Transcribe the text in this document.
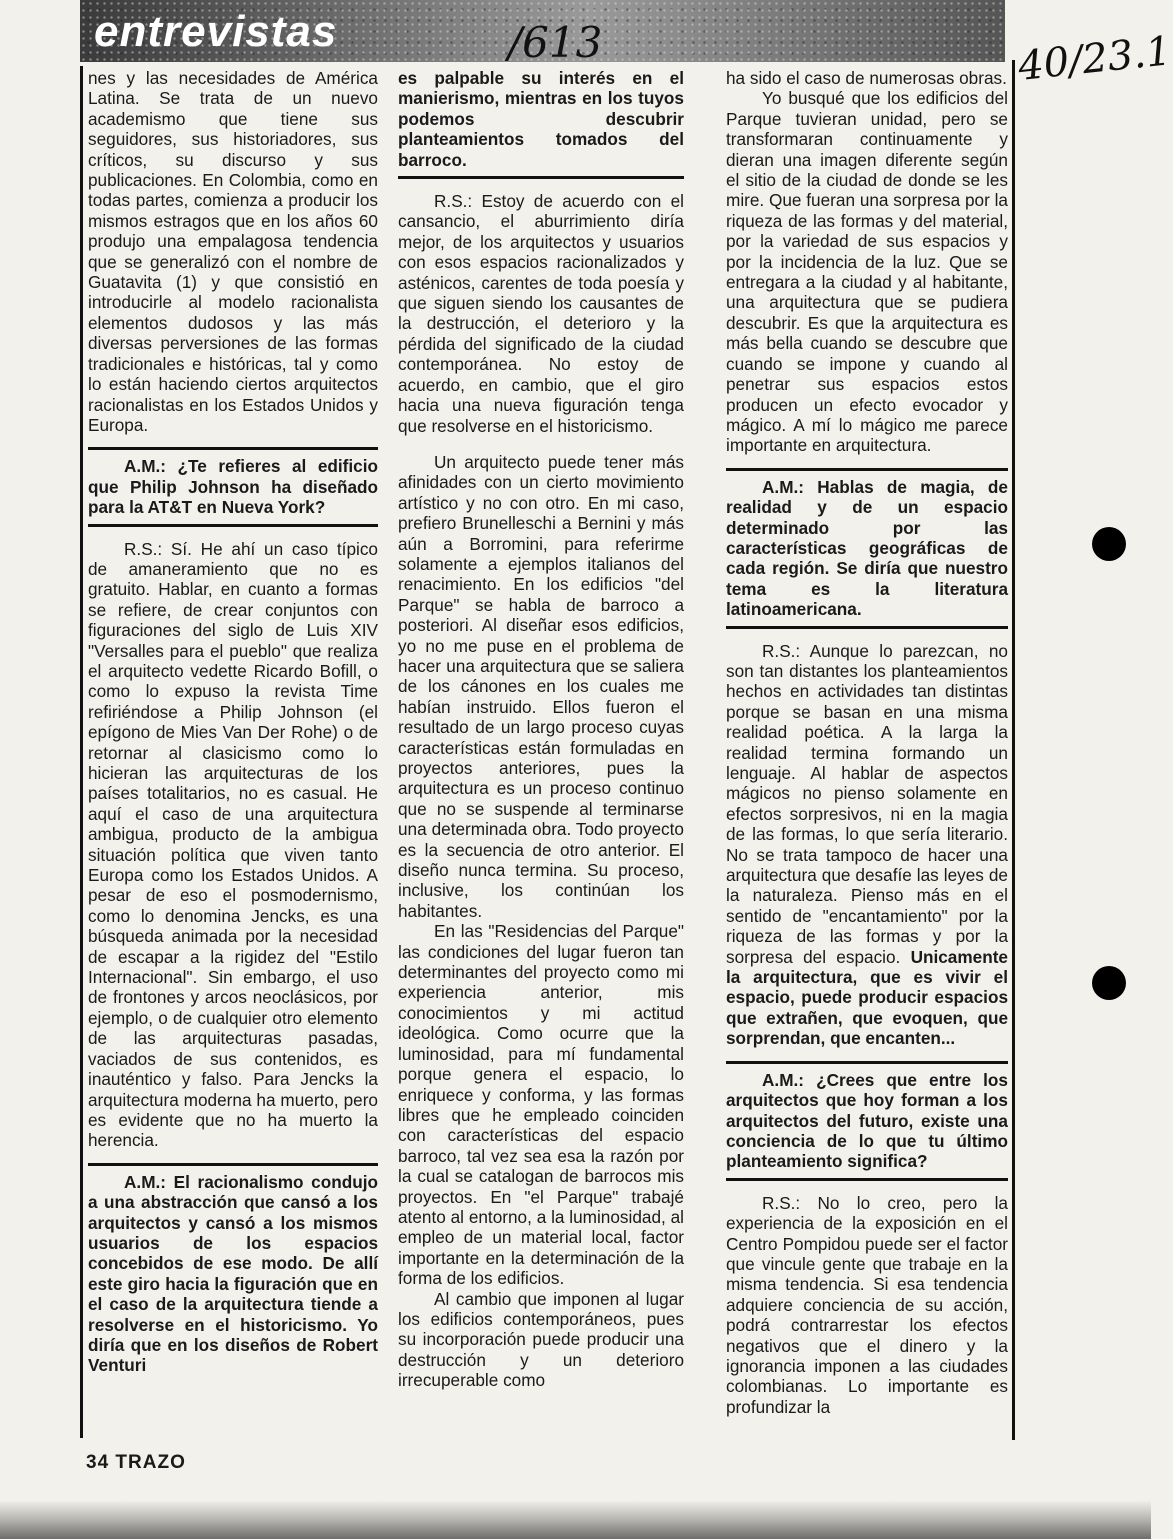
entrevistas	/613	40/23.1

nes y las necesidades de América Latina. Se trata de un nuevo academismo que tiene sus seguidores, sus historiadores, sus críticos, su discurso y sus publicaciones. En Colombia, como en todas partes, comienza a producir los mismos estragos que en los años 60 produjo una empalagosa tendencia que se generalizó con el nombre de Guatavita (1) y que consistió en introducirle al modelo racionalista elementos dudosos y las más diversas perversiones de las formas tradicionales e históricas, tal y como lo están haciendo ciertos arquitectos racionalistas en los Estados Unidos y Europa.

A.M.: ¿Te refieres al edificio que Philip Johnson ha diseñado para la AT&T en Nueva York?

R.S.: Sí. He ahí un caso típico de amaneramiento que no es gratuito. Hablar, en cuanto a formas se refiere, de crear conjuntos con figuraciones del siglo de Luis XIV "Versalles para el pueblo" que realiza el arquitecto vedette Ricardo Bofill, o como lo expuso la revista Time refiriéndose a Philip Johnson (el epígono de Mies Van Der Rohe) o de retornar al clasicismo como lo hicieran las arquitecturas de los países totalitarios, no es casual. He aquí el caso de una arquitectura ambigua, producto de la ambigua situación política que viven tanto Europa como los Estados Unidos. A pesar de eso el posmodernismo, como lo denomina Jencks, es una búsqueda animada por la necesidad de escapar a la rigidez del "Estilo Internacional". Sin embargo, el uso de frontones y arcos neoclásicos, por ejemplo, o de cualquier otro elemento de las arquitecturas pasadas, vaciados de sus contenidos, es inauténtico y falso. Para Jencks la arquitectura moderna ha muerto, pero es evidente que no ha muerto la herencia.

A.M.: El racionalismo condujo a una abstracción que cansó a los arquitectos y cansó a los mismos usuarios de los espacios concebidos de ese modo. De allí este giro hacia la figuración que en el caso de la arquitectura tiende a resolverse en el historicismo. Yo diría que en los diseños de Robert Venturi

es palpable su interés en el manierismo, mientras en los tuyos podemos descubrir planteamientos tomados del barroco.

R.S.: Estoy de acuerdo con el cansancio, el aburrimiento diría mejor, de los arquitectos y usuarios con esos espacios racionalizados y asténicos, carentes de toda poesía y que siguen siendo los causantes de la destrucción, el deterioro y la pérdida del significado de la ciudad contemporánea. No estoy de acuerdo, en cambio, que el giro hacia una nueva figuración tenga que resolverse en el historicismo.

Un arquitecto puede tener más afinidades con un cierto movimiento artístico y no con otro. En mi caso, prefiero Brunelleschi a Bernini y más aún a Borromini, para referirme solamente a ejemplos italianos del renacimiento. En los edificios "del Parque" se habla de barroco a posteriori. Al diseñar esos edificios, yo no me puse en el problema de hacer una arquitectura que se saliera de los cánones en los cuales me habían instruido. Ellos fueron el resultado de un largo proceso cuyas características están formuladas en proyectos anteriores, pues la arquitectura es un proceso continuo que no se suspende al terminarse una determinada obra. Todo proyecto es la secuencia de otro anterior. El diseño nunca termina. Su proceso, inclusive, los continúan los habitantes.

En las "Residencias del Parque" las condiciones del lugar fueron tan determinantes del proyecto como mi experiencia anterior, mis conocimientos y mi actitud ideológica. Como ocurre que la luminosidad, para mí fundamental porque genera el espacio, lo enriquece y conforma, y las formas libres que he empleado coinciden con características del espacio barroco, tal vez sea esa la razón por la cual se catalogan de barrocos mis proyectos. En "el Parque" trabajé atento al entorno, a la luminosidad, al empleo de un material local, factor importante en la determinación de la forma de los edificios.

Al cambio que imponen al lugar los edificios contemporáneos, pues su incorporación puede producir una destrucción y un deterioro irrecuperable como

ha sido el caso de numerosas obras.

Yo busqué que los edificios del Parque tuvieran unidad, pero se transformaran continuamente y dieran una imagen diferente según el sitio de la ciudad de donde se les mire. Que fueran una sorpresa por la riqueza de las formas y del material, por la variedad de sus espacios y por la incidencia de la luz. Que se entregara a la ciudad y al habitante, una arquitectura que se pudiera descubrir. Es que la arquitectura es más bella cuando se descubre que cuando se impone y cuando al penetrar sus espacios estos producen un efecto evocador y mágico. A mí lo mágico me parece importante en arquitectura.

A.M.: Hablas de magia, de realidad y de un espacio determinado por las características geográficas de cada región. Se diría que nuestro tema es la literatura latinoamericana.

R.S.: Aunque lo parezcan, no son tan distantes los planteamientos hechos en actividades tan distintas porque se basan en una misma realidad poética. A la larga la realidad termina formando un lenguaje. Al hablar de aspectos mágicos no pienso solamente en efectos sorpresivos, ni en la magia de las formas, lo que sería literario. No se trata tampoco de hacer una arquitectura que desafíe las leyes de la naturaleza. Pienso más en el sentido de "encantamiento" por la riqueza de las formas y por la sorpresa del espacio. Unicamente la arquitectura, que es vivir el espacio, puede producir espacios que extrañen, que evoquen, que sorprendan, que encanten...

A.M.: ¿Crees que entre los arquitectos que hoy forman a los arquitectos del futuro, existe una conciencia de lo que tu último planteamiento significa?

R.S.: No lo creo, pero la experiencia de la exposición en el Centro Pompidou puede ser el factor que vincule gente que trabaje en la misma tendencia. Si esa tendencia adquiere conciencia de su acción, podrá contrarrestar los efectos negativos que el dinero y la ignorancia imponen a las ciudades colombianas. Lo importante es profundizar la

34 TRAZO
